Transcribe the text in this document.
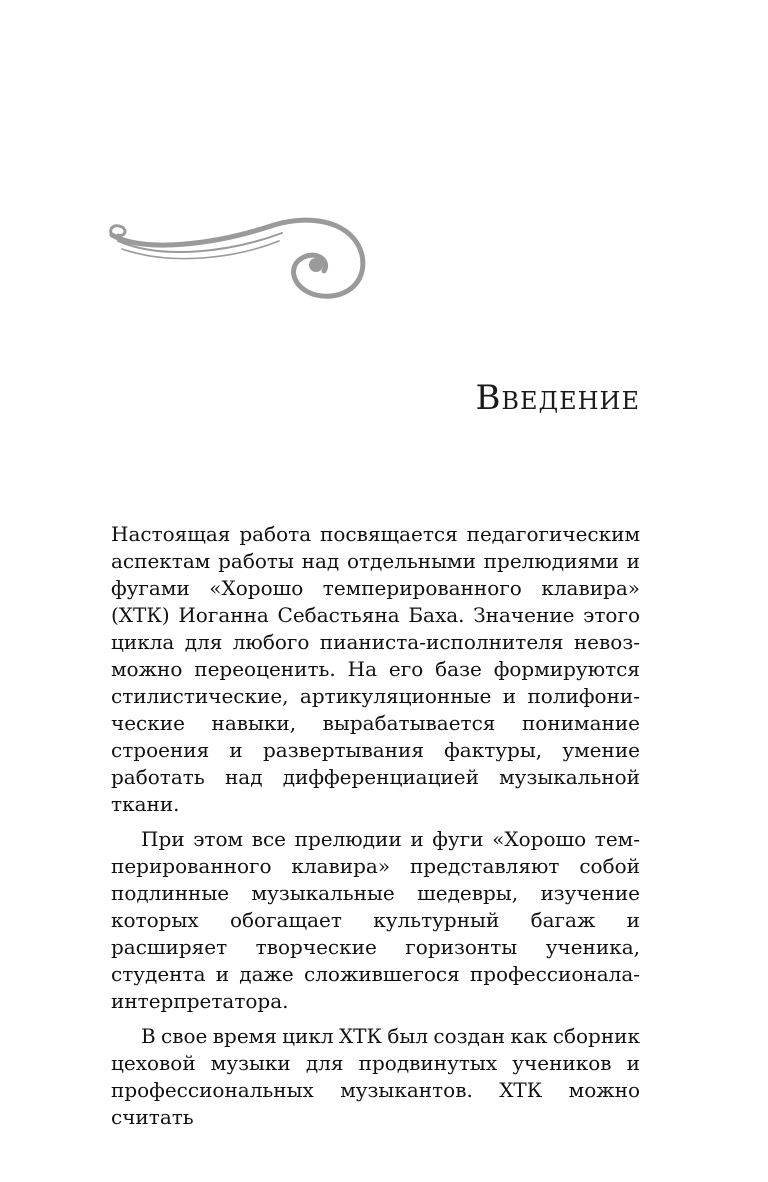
Введение

Настоящая работа посвящается педагогическим аспектам работы над отдельными прелюдиями и фугами «Хорошо темперированного клавира» (ХТК) Иоганна Себастьяна Баха. Значение этого цикла для любого пианиста-исполнителя невозможно переоценить. На его базе формируются стилистические, артикуляционные и полифонические навыки, вырабатывается понимание строения и развертывания фактуры, умение работать над дифференциацией музыкальной ткани.

При этом все прелюдии и фуги «Хорошо темперированного клавира» представляют собой подлинные музыкальные шедевры, изучение которых обогащает культурный багаж и расширяет творческие горизонты ученика, студента и даже сложившегося профессионала-интерпретатора.

В свое время цикл ХТК был создан как сборник цеховой музыки для продвинутых учеников и профессиональных музыкантов. ХТК можно считать
